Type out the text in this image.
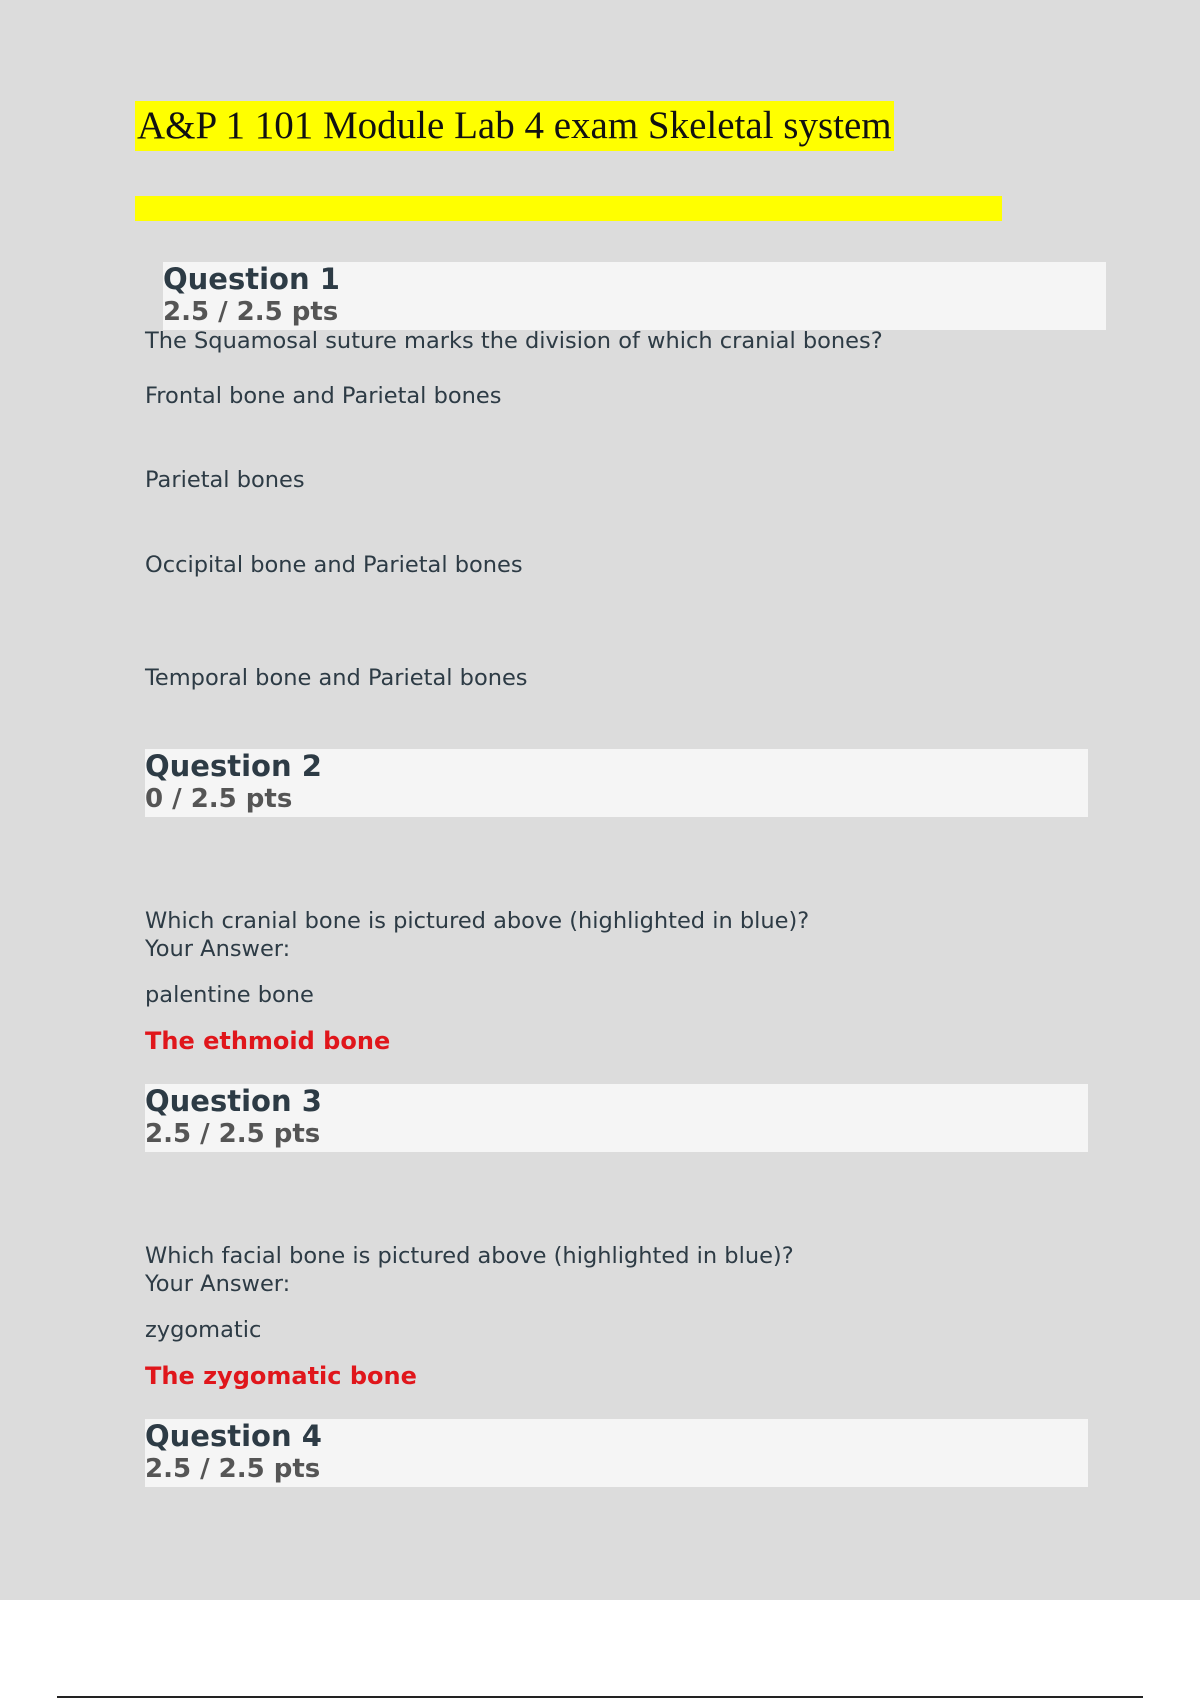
A&P 1 101 Module Lab 4 exam Skeletal system
Question 1
2.5 / 2.5 pts
The Squamosal suture marks the division of which cranial bones?
Frontal bone and Parietal bones
Parietal bones
Occipital bone and Parietal bones
Temporal bone and Parietal bones
Question 2
0 / 2.5 pts
Which cranial bone is pictured above (highlighted in blue)?
Your Answer:
palentine bone
The ethmoid bone
Question 3
2.5 / 2.5 pts
Which facial bone is pictured above (highlighted in blue)?
Your Answer:
zygomatic
The zygomatic bone
Question 4
2.5 / 2.5 pts
